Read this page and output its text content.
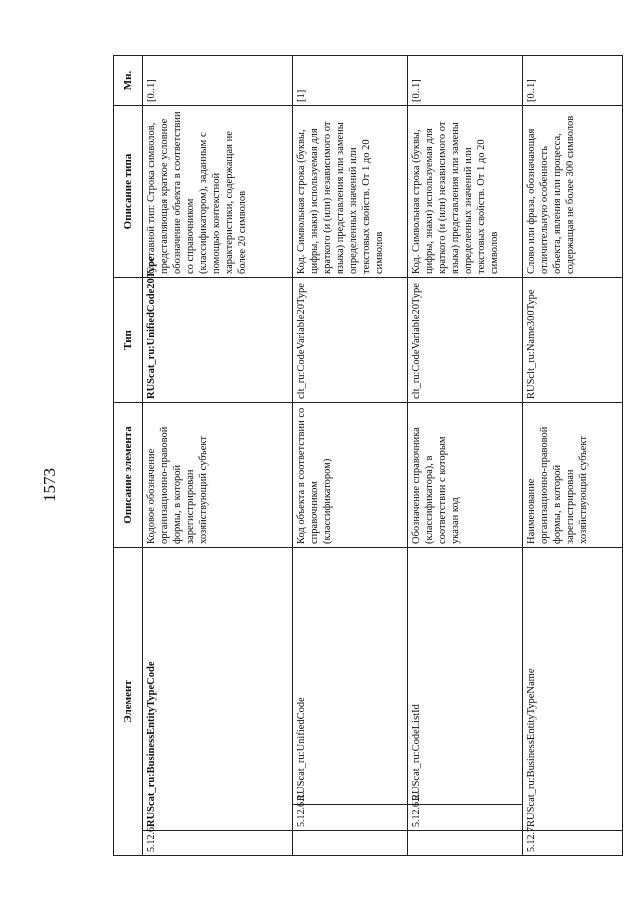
1573
Элемент			Описание элемента	Тип	Описание типа	Мн.
5.12.6.	RUScat_ru:BusinessEntityTypeCode		Кодовое обозначение организационно-правовой формы, в которой зарегистрирован хозяйствующий субъект	RUScat_ru:UnifiedCode20Type	Составной тип: Строка символов, представляющая краткое условное обозначение объекта в соответствии со справочником (классификатором), заданным с помощью контекстной характеристики, содержащая не более 20 символов	[0..1]
	5.12.6.1.	RUScat_ru:UnifiedCode	Код объекта в соответствии со справочником (классификатором)	clt_ru:CodeVariable20Type	Код. Символьная строка (буквы, цифры, знаки) используемая для краткого (и (или) независимого от языка) представления или замены определенных значений или текстовых свойств. От 1 до 20 символов	[1]
	5.12.6.2.	RUScat_ru:CodeListId	Обозначение справочника (классификатора), в соответствии с которым указан код	clt_ru:CodeVariable20Type	Код. Символьная строка (буквы, цифры, знаки) используемая для краткого (и (или) независимого от языка) представления или замены определенных значений или текстовых свойств. От 1 до 20 символов	[0..1]
5.12.7.	RUScat_ru:BusinessEntityTypeName		Наименование организационно-правовой формы, в которой зарегистрирован хозяйствующий субъект	RUSclt_ru:Name300Type	Слово или фраза, обозначающая отличительную особенность объекта, явления или процесса, содержащая не более 300 символов	[0..1]
